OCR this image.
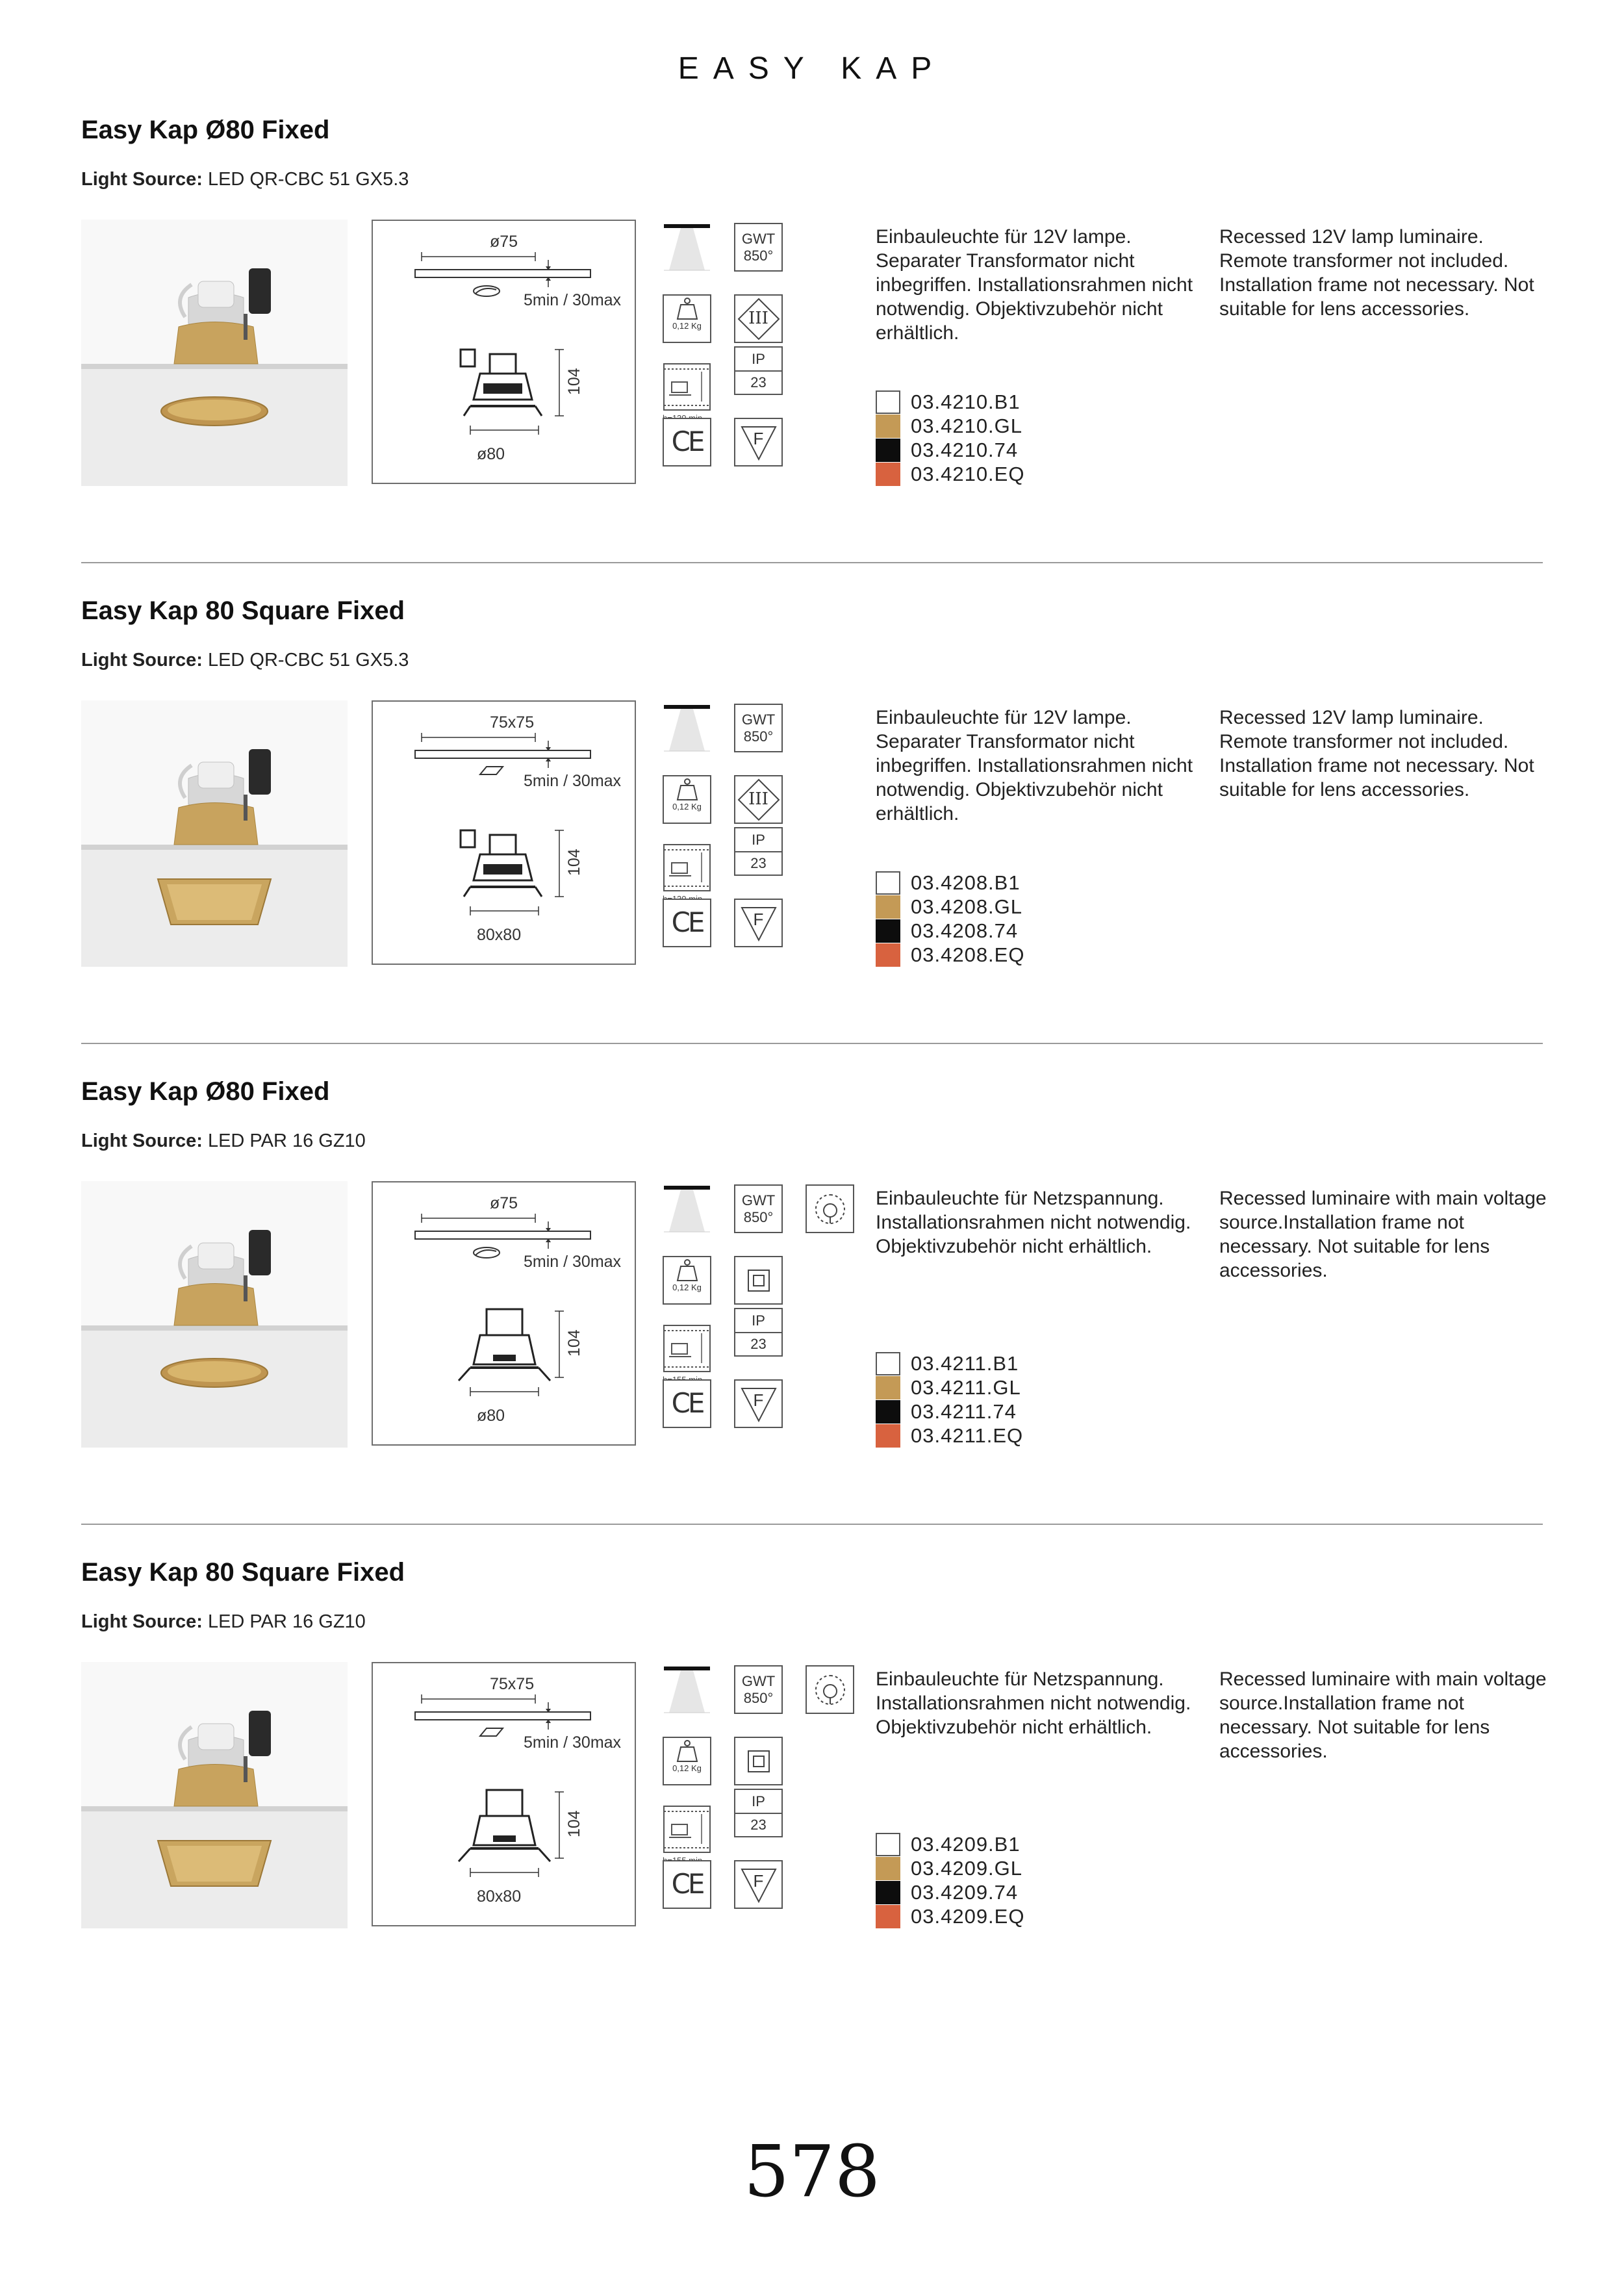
EASY KAP
Easy Kap Ø80 Fixed
Light Source: LED QR-CBC 51 GX5.3
ø75
5min / 30max
ø80
104
GWT
850°
0,12 Kg	III
IP
23
CE	F
Einbauleuchte für 12V lampe. Separater Transformator nicht inbegriffen. Installationsrahmen nicht notwendig. Objektivzubehör nicht erhältlich.
Recessed 12V lamp luminaire. Remote transformer not included. Installation frame not necessary. Not suitable for lens accessories.
03.4210.B1
03.4210.GL
03.4210.74
03.4210.EQ
Easy Kap 80 Square Fixed
Light Source: LED QR-CBC 51 GX5.3
75x75
5min / 30max
80x80
104
GWT
850°
0,12 Kg	III
IP
23
CE	F
Einbauleuchte für 12V lampe. Separater Transformator nicht inbegriffen. Installationsrahmen nicht notwendig. Objektivzubehör nicht erhältlich.
Recessed 12V lamp luminaire. Remote transformer not included. Installation frame not necessary. Not suitable for lens accessories.
03.4208.B1
03.4208.GL
03.4208.74
03.4208.EQ
Easy Kap Ø80 Fixed
Light Source: LED PAR 16 GZ10
ø75
5min / 30max
ø80
104
GWT
850°
0,12 Kg
IP
23
CE	F
Einbauleuchte für Netzspannung. Installationsrahmen nicht notwendig. Objektivzubehör nicht erhältlich.
Recessed luminaire with main voltage source.Installation frame not necessary. Not suitable for lens accessories.
03.4211.B1
03.4211.GL
03.4211.74
03.4211.EQ
Easy Kap 80 Square Fixed
Light Source: LED PAR 16 GZ10
75x75
5min / 30max
80x80
104
GWT
850°
0,12 Kg
IP
23
CE	F
Einbauleuchte für Netzspannung. Installationsrahmen nicht notwendig. Objektivzubehör nicht erhältlich.
Recessed luminaire with main voltage source.Installation frame not necessary. Not suitable for lens accessories.
03.4209.B1
03.4209.GL
03.4209.74
03.4209.EQ
578
